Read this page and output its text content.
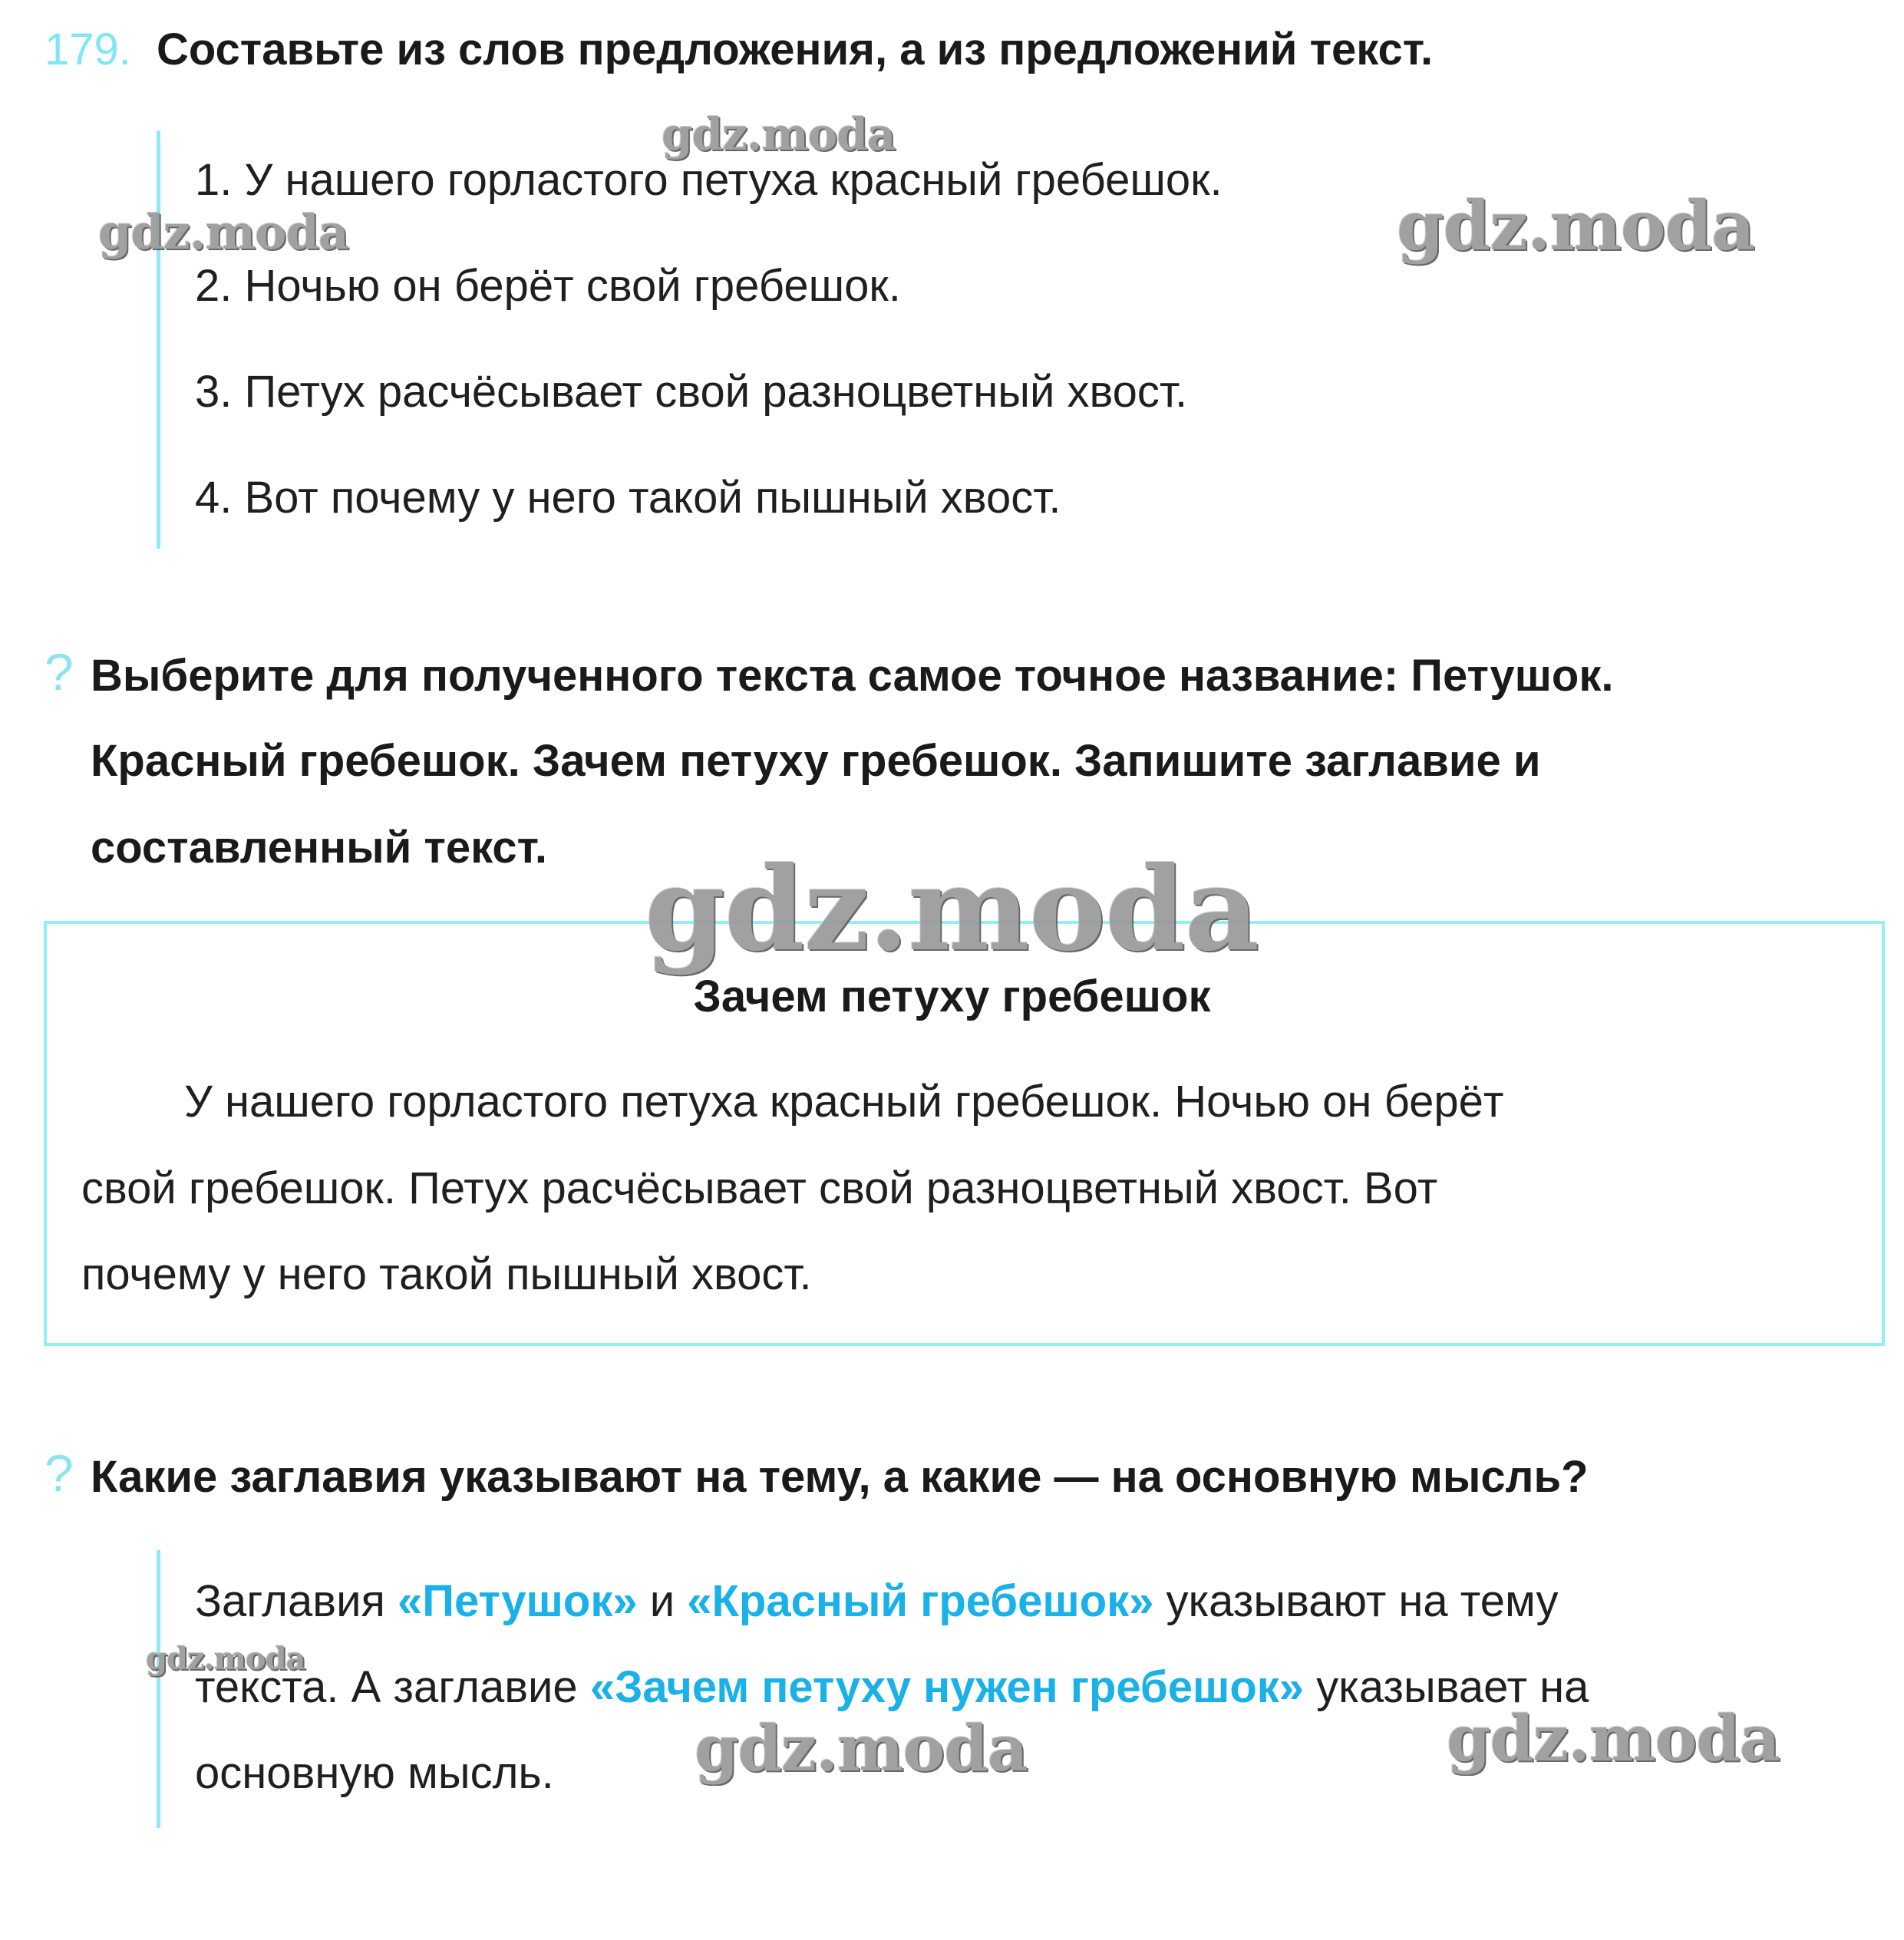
179. Составьте из слов предложения, а из предложений текст.
1. У нашего горластого петуха красный гребешок.
2. Ночью он берёт свой гребешок.
3. Петух расчёсывает свой разноцветный хвост.
4. Вот почему у него такой пышный хвост.
? Выберите для полученного текста самое точное название: Петушок.
Красный гребешок. Зачем петуху гребешок. Запишите заглавие и
составленный текст.
Зачем петуху гребешок
У нашего горластого петуха красный гребешок. Ночью он берёт
свой гребешок. Петух расчёсывает свой разноцветный хвост. Вот
почему у него такой пышный хвост.
? Какие заглавия указывают на тему, а какие — на основную мысль?
Заглавия «Петушок» и «Красный гребешок» указывают на тему
текста. А заглавие «Зачем петуху нужен гребешок» указывает на
основную мысль.
gdz.moda
gdz.moda	gdz.moda
gdz.moda
gdz.moda
gdz.moda	gdz.moda
